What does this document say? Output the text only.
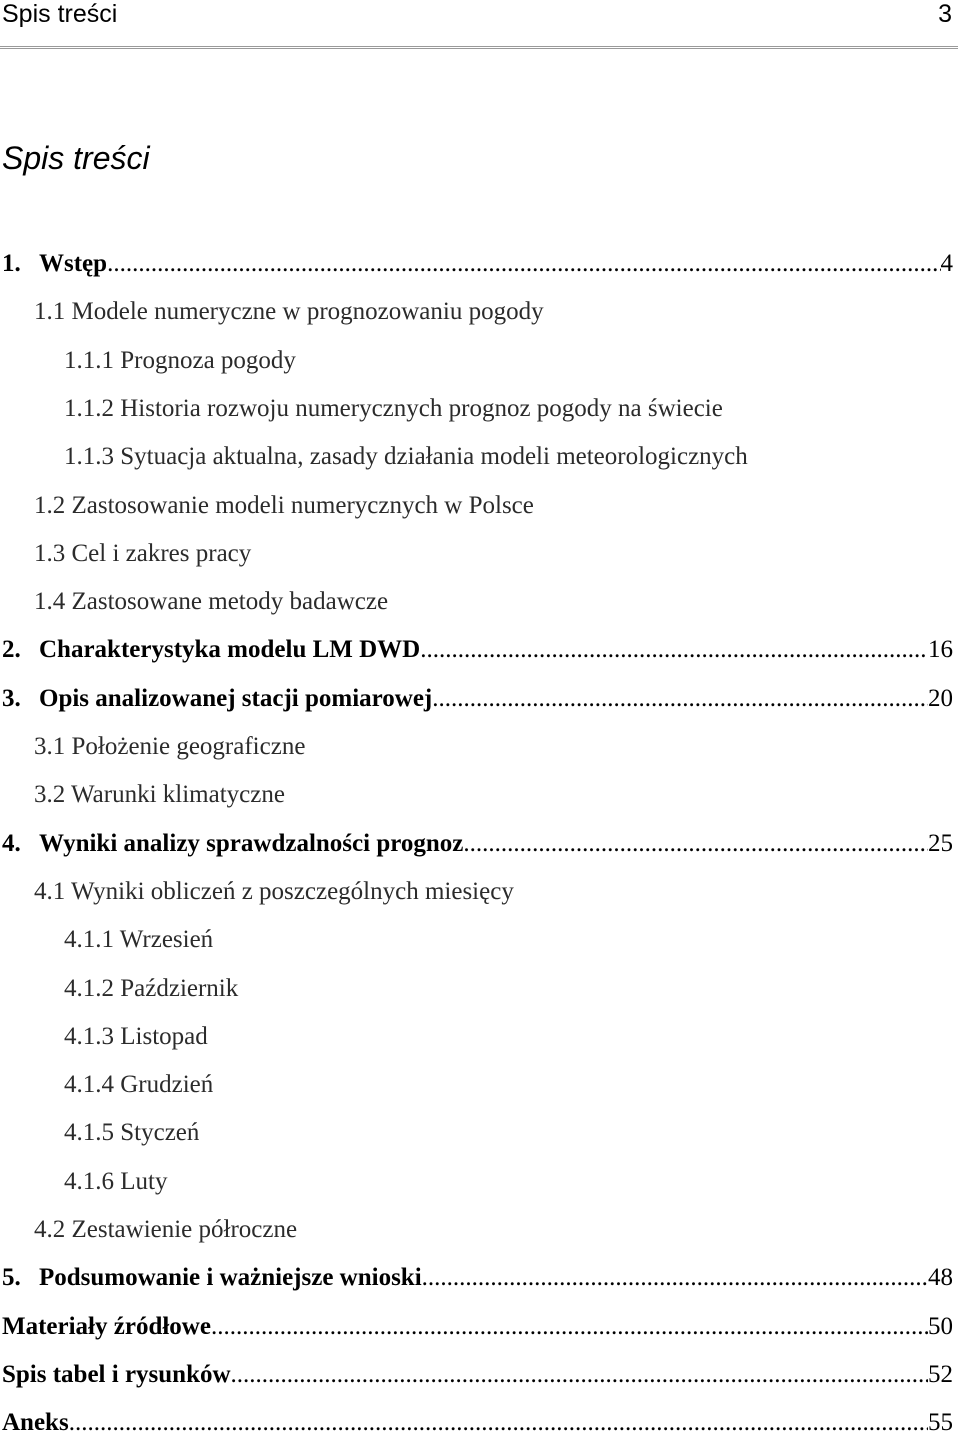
Spis treści	3
Spis treści
1. Wstęp .....	4
1.1 Modele numeryczne w prognozowaniu pogody
1.1.1 Prognoza pogody
1.1.2 Historia rozwoju numerycznych prognoz pogody na świecie
1.1.3 Sytuacja aktualna, zasady działania modeli meteorologicznych
1.2 Zastosowanie modeli numerycznych w Polsce
1.3 Cel i zakres pracy
1.4 Zastosowane metody badawcze
2. Charakterystyka modelu LM DWD .....	16
3. Opis analizowanej stacji pomiarowej .....	20
3.1 Położenie geograficzne
3.2 Warunki klimatyczne
4. Wyniki analizy sprawdzalności prognoz .....	25
4.1 Wyniki obliczeń z poszczególnych miesięcy
4.1.1 Wrzesień
4.1.2 Październik
4.1.3 Listopad
4.1.4 Grudzień
4.1.5 Styczeń
4.1.6 Luty
4.2 Zestawienie półroczne
5. Podsumowanie i ważniejsze wnioski .....	48
Materiały źródłowe .....	50
Spis tabel i rysunków .....	52
Aneks .....	55
